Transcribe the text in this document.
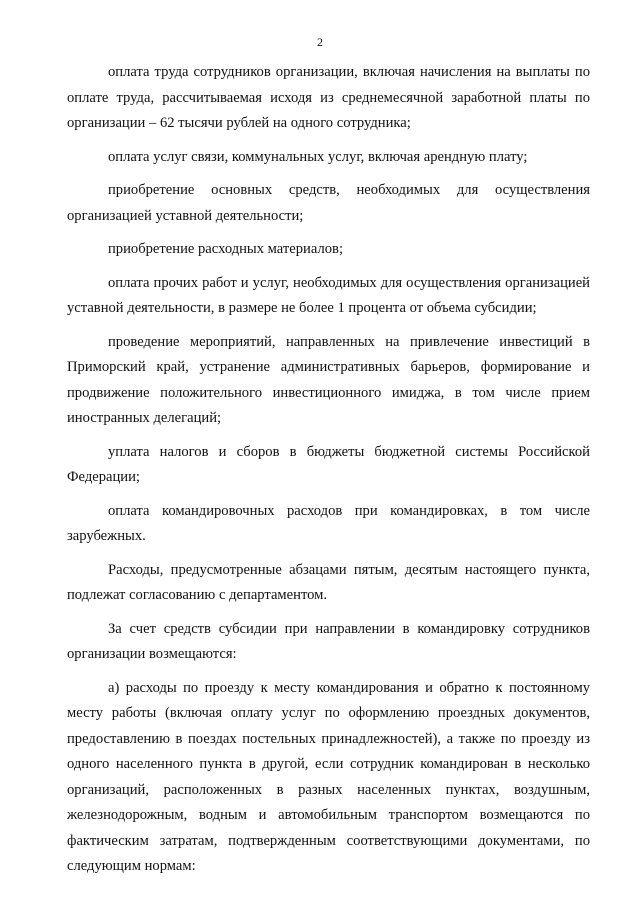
2

оплата труда сотрудников организации, включая начисления на выплаты по оплате труда, рассчитываемая исходя из среднемесячной заработной платы по организации – 62 тысячи рублей на одного сотрудника;

оплата услуг связи, коммунальных услуг, включая арендную плату;

приобретение основных средств, необходимых для осуществления организацией уставной деятельности;

приобретение расходных материалов;

оплата прочих работ и услуг, необходимых для осуществления организацией уставной деятельности, в размере не более 1 процента от объема субсидии;

проведение мероприятий, направленных на привлечение инвестиций в Приморский край, устранение административных барьеров, формирование и продвижение положительного инвестиционного имиджа, в том числе прием иностранных делегаций;

уплата налогов и сборов в бюджеты бюджетной системы Российской Федерации;

оплата командировочных расходов при командировках, в том числе зарубежных.

Расходы, предусмотренные абзацами пятым, десятым настоящего пункта, подлежат согласованию с департаментом.

За счет средств субсидии при направлении в командировку сотрудников организации возмещаются:

а) расходы по проезду к месту командирования и обратно к постоянному месту работы (включая оплату услуг по оформлению проездных документов, предоставлению в поездах постельных принадлежностей), а также по проезду из одного населенного пункта в другой, если сотрудник командирован в несколько организаций, расположенных в разных населенных пунктах, воздушным, железнодорожным, водным и автомобильным транспортом возмещаются по фактическим затратам, подтвержденным соответствующими документами, по следующим нормам:
